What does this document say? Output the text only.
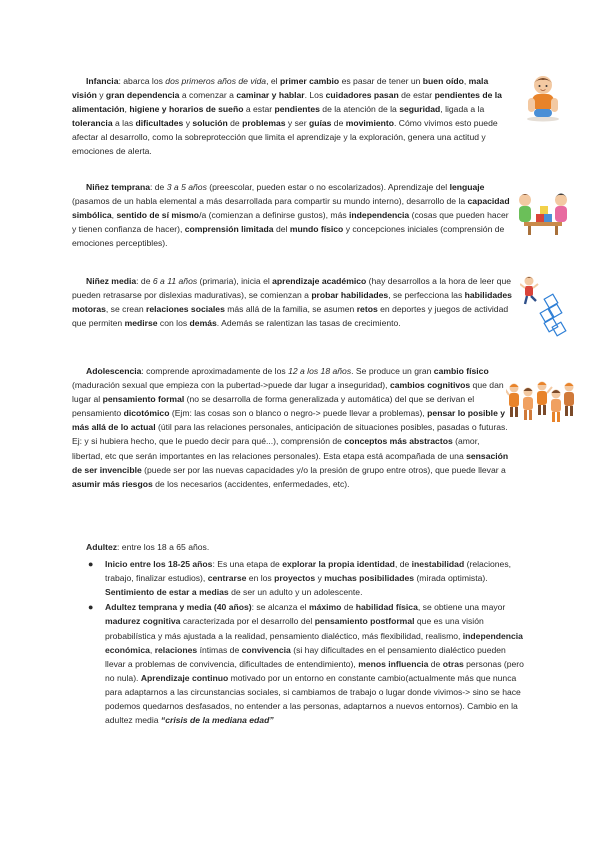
Infancia: abarca los dos primeros años de vida, el primer cambio es pasar de tener un buen oído, mala visión y gran dependencia a comenzar a caminar y hablar. Los cuidadores pasan de estar pendientes de la alimentación, higiene y horarios de sueño a estar pendientes de la atención de la seguridad, ligada a la tolerancia a las dificultades y solución de problemas y ser guías de movimiento. Cómo vivimos esto puede afectar al desarrollo, como la sobreprotección que limita el aprendizaje y la exploración, genera una actitud y emociones de alerta.

Niñez temprana: de 3 a 5 años (preescolar, pueden estar o no escolarizados). Aprendizaje del lenguaje (pasamos de un habla elemental a más desarrollada para compartir su mundo interno), desarrollo de la capacidad simbólica, sentido de sí mismo/a (comienzan a definirse gustos), más independencia (cosas que pueden hacer y tienen confianza de hacer), comprensión limitada del mundo físico y concepciones iniciales (comprensión de emociones perceptibles).

Niñez media: de 6 a 11 años (primaria), inicia el aprendizaje académico (hay desarrollos a la hora de leer que pueden retrasarse por dislexias madurativas), se comienzan a probar habilidades, se perfecciona las habilidades motoras, se crean relaciones sociales más allá de la familia, se asumen retos en deportes y juegos de actividad que permiten medirse con los demás. Además se ralentizan las tasas de crecimiento.

Adolescencia: comprende aproximadamente de los 12 a los 18 años. Se produce un gran cambio físico (maduración sexual que empieza con la pubertad->puede dar lugar a inseguridad), cambios cognitivos que dan lugar al pensamiento formal (no se desarrolla de forma generalizada y automática) del que se derivan el pensamiento dicotómico (Ejm: las cosas son o blanco o negro-> puede llevar a problemas), pensar lo posible y más allá de lo actual (útil para las relaciones personales, anticipación de situaciones posibles, pasadas o futuras. Ej: y si hubiera hecho, que le puedo decir para qué...), comprensión de conceptos más abstractos (amor, libertad, etc que serán importantes en las relaciones personales). Esta etapa está acompañada de una sensación de ser invencible (puede ser por las nuevas capacidades y/o la presión de grupo entre otros), que puede llevar a asumir más riesgos de los necesarios (accidentes, enfermedades, etc).

Adultez: entre los 18 a 65 años.

● Inicio entre los 18-25 años: Es una etapa de explorar la propia identidad, de inestabilidad (relaciones, trabajo, finalizar estudios), centrarse en los proyectos y muchas posibilidades (mirada optimista). Sentimiento de estar a medias de ser un adulto y un adolescente.
● Adultez temprana y media (40 años): se alcanza el máximo de habilidad física, se obtiene una mayor madurez cognitiva caracterizada por el desarrollo del pensamiento postformal que es una visión probabilística y más ajustada a la realidad, pensamiento dialéctico, más flexibilidad, realismo, independencia económica, relaciones íntimas de convivencia (si hay dificultades en el pensamiento dialéctico pueden llevar a problemas de convivencia, dificultades de entendimiento), menos influencia de otras personas (pero no nula). Aprendizaje continuo motivado por un entorno en constante cambio(actualmente más que nunca para adaptarnos a las circunstancias sociales, si cambiamos de trabajo o lugar donde vivimos-> sino se hace podemos quedarnos desfasados, no entender a las personas, adaptarnos a nuevos entornos). Cambio en la adultez media “crisis de la mediana edad”
